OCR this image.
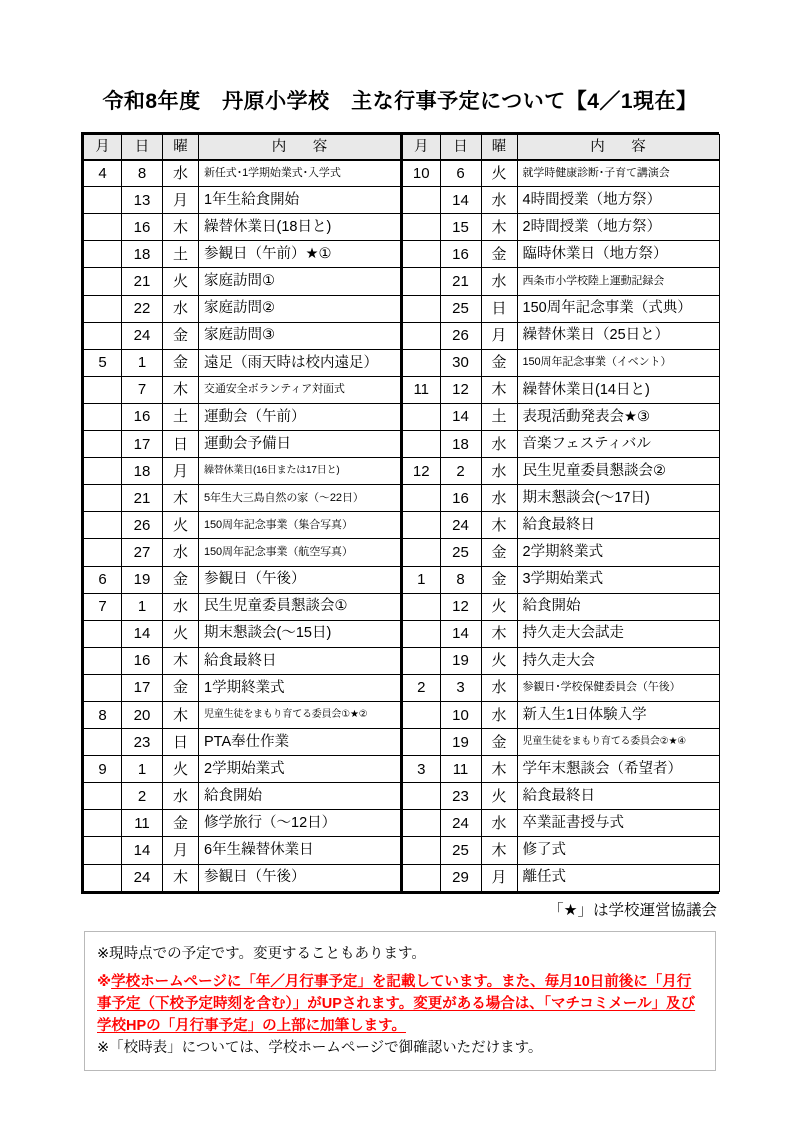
令和8年度　丹原小学校　主な行事予定について【4／1現在】
月	日	曜	内　容
4	8	水	新任式･1学期始業式･入学式
	13	月	1年生給食開始
	16	木	繰替休業日(18日と)
	18	土	参観日（午前）★①
	21	火	家庭訪問①
	22	水	家庭訪問②
	24	金	家庭訪問③
5	1	金	遠足（雨天時は校内遠足）
	7	木	交通安全ボランティア対面式
	16	土	運動会（午前）
	17	日	運動会予備日
	18	月	繰替休業日(16日または17日と)
	21	木	5年生大三島自然の家（～22日）
	26	火	150周年記念事業（集合写真）
	27	水	150周年記念事業（航空写真）
6	19	金	参観日（午後）
7	1	水	民生児童委員懇談会①
	14	火	期末懇談会(～15日)
	16	木	給食最終日
	17	金	1学期終業式
8	20	木	児童生徒をまもり育てる委員会①★②
	23	日	PTA奉仕作業
9	1	火	2学期始業式
	2	水	給食開始
	11	金	修学旅行（～12日）
	14	月	6年生繰替休業日
	24	木	参観日（午後）
月	日	曜	内　容
10	6	火	就学時健康診断･子育て講演会
	14	水	4時間授業（地方祭）
	15	木	2時間授業（地方祭）
	16	金	臨時休業日（地方祭）
	21	水	西条市小学校陸上運動記録会
	25	日	150周年記念事業（式典）
	26	月	繰替休業日（25日と）
	30	金	150周年記念事業（イベント）
11	12	木	繰替休業日(14日と)
	14	土	表現活動発表会★③
	18	水	音楽フェスティバル
12	2	水	民生児童委員懇談会②
	16	水	期末懇談会(～17日)
	24	木	給食最終日
	25	金	2学期終業式
1	8	金	3学期始業式
	12	火	給食開始
	14	木	持久走大会試走
	19	火	持久走大会
2	3	水	参観日･学校保健委員会（午後）
	10	水	新入生1日体験入学
	19	金	児童生徒をまもり育てる委員会②★④
3	11	木	学年末懇談会（希望者）
	23	火	給食最終日
	24	水	卒業証書授与式
	25	木	修了式
	29	月	離任式
「★」は学校運営協議会

※現時点での予定です。変更することもあります。

※学校ホームページに「年／月行事予定」を記載しています。また、毎月10日前後に「月行事予定（下校予定時刻を含む）」がUPされます。変更がある場合は、「マチコミメール」及び学校HPの「月行事予定」の上部に加筆します。

※「校時表」については、学校ホームページで御確認いただけます。
